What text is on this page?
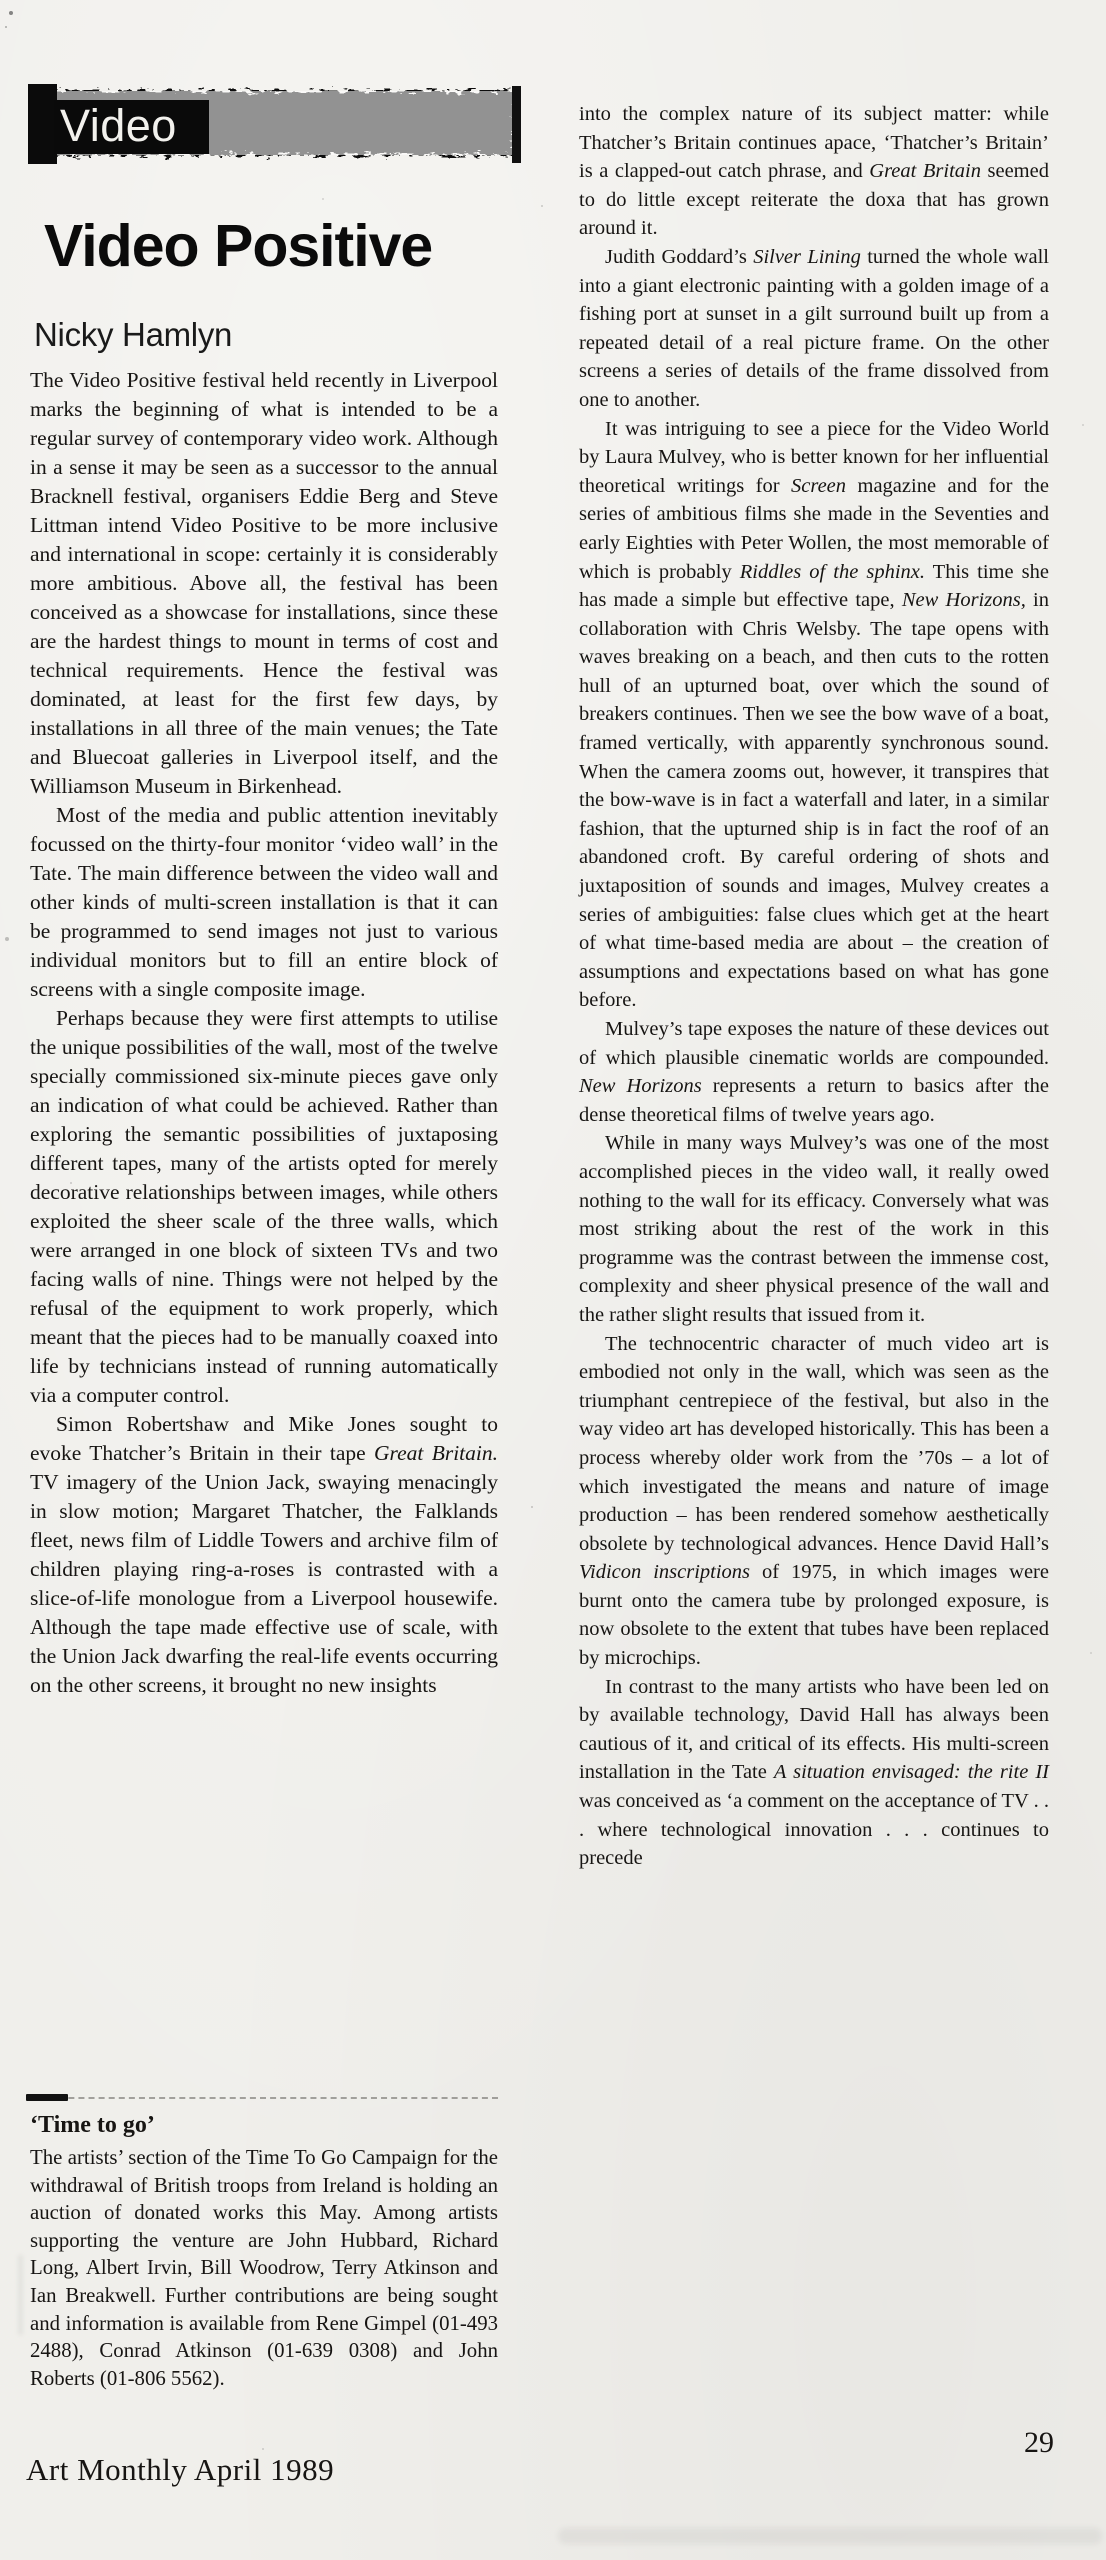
Video
Video Positive
Nicky Hamlyn

The Video Positive festival held recently in Liverpool marks the beginning of what is intended to be a regular survey of contemporary video work. Although in a sense it may be seen as a successor to the annual Bracknell festival, organisers Eddie Berg and Steve Littman intend Video Positive to be more inclusive and international in scope: certainly it is considerably more ambitious. Above all, the festival has been conceived as a showcase for installations, since these are the hardest things to mount in terms of cost and technical requirements. Hence the festival was dominated, at least for the first few days, by installations in all three of the main venues; the Tate and Bluecoat galleries in Liverpool itself, and the Williamson Museum in Birkenhead.

Most of the media and public attention inevitably focussed on the thirty-four monitor ‘video wall’ in the Tate. The main difference between the video wall and other kinds of multi-screen installation is that it can be programmed to send images not just to various individual monitors but to fill an entire block of screens with a single composite image.

Perhaps because they were first attempts to utilise the unique possibilities of the wall, most of the twelve specially commissioned six-minute pieces gave only an indication of what could be achieved. Rather than exploring the semantic possibilities of juxtaposing different tapes, many of the artists opted for merely decorative relationships between images, while others exploited the sheer scale of the three walls, which were arranged in one block of sixteen TVs and two facing walls of nine. Things were not helped by the refusal of the equipment to work properly, which meant that the pieces had to be manually coaxed into life by technicians instead of running automatically via a computer control.

Simon Robertshaw and Mike Jones sought to evoke Thatcher’s Britain in their tape Great Britain. TV imagery of the Union Jack, swaying menacingly in slow motion; Margaret Thatcher, the Falklands fleet, news film of Liddle Towers and archive film of children playing ring-a-roses is contrasted with a slice-of-life monologue from a Liverpool housewife. Although the tape made effective use of scale, with the Union Jack dwarfing the real-life events occurring on the other screens, it brought no new insights

into the complex nature of its subject matter: while Thatcher’s Britain continues apace, ‘Thatcher’s Britain’ is a clapped-out catch phrase, and Great Britain seemed to do little except reiterate the doxa that has grown around it.

Judith Goddard’s Silver Lining turned the whole wall into a giant electronic painting with a golden image of a fishing port at sunset in a gilt surround built up from a repeated detail of a real picture frame. On the other screens a series of details of the frame dissolved from one to another.

It was intriguing to see a piece for the Video World by Laura Mulvey, who is better known for her influential theoretical writings for Screen magazine and for the series of ambitious films she made in the Seventies and early Eighties with Peter Wollen, the most memorable of which is probably Riddles of the sphinx. This time she has made a simple but effective tape, New Horizons, in collaboration with Chris Welsby. The tape opens with waves breaking on a beach, and then cuts to the rotten hull of an upturned boat, over which the sound of breakers continues. Then we see the bow wave of a boat, framed vertically, with apparently synchronous sound. When the camera zooms out, however, it transpires that the bow-wave is in fact a waterfall and later, in a similar fashion, that the upturned ship is in fact the roof of an abandoned croft. By careful ordering of shots and juxtaposition of sounds and images, Mulvey creates a series of ambiguities: false clues which get at the heart of what time-based media are about – the creation of assumptions and expectations based on what has gone before.

Mulvey’s tape exposes the nature of these devices out of which plausible cinematic worlds are compounded. New Horizons represents a return to basics after the dense theoretical films of twelve years ago.

While in many ways Mulvey’s was one of the most accomplished pieces in the video wall, it really owed nothing to the wall for its efficacy. Conversely what was most striking about the rest of the work in this programme was the contrast between the immense cost, complexity and sheer physical presence of the wall and the rather slight results that issued from it.

The technocentric character of much video art is embodied not only in the wall, which was seen as the triumphant centrepiece of the festival, but also in the way video art has developed historically. This has been a process whereby older work from the ’70s – a lot of which investigated the means and nature of image production – has been rendered somehow aesthetically obsolete by technological advances. Hence David Hall’s Vidicon inscriptions of 1975, in which images were burnt onto the camera tube by prolonged exposure, is now obsolete to the extent that tubes have been replaced by microchips.

In contrast to the many artists who have been led on by available technology, David Hall has always been cautious of it, and critical of its effects. His multi-screen installation in the Tate A situation envisaged: the rite II was conceived as ‘a comment on the acceptance of TV . . . where technological innovation . . . continues to precede

‘Time to go’

The artists’ section of the Time To Go Campaign for the withdrawal of British troops from Ireland is holding an auction of donated works this May. Among artists supporting the venture are John Hubbard, Richard Long, Albert Irvin, Bill Woodrow, Terry Atkinson and Ian Breakwell. Further contributions are being sought and information is available from Rene Gimpel (01-493 2488), Conrad Atkinson (01-639 0308) and John Roberts (01-806 5562).

Art Monthly April 1989
29
